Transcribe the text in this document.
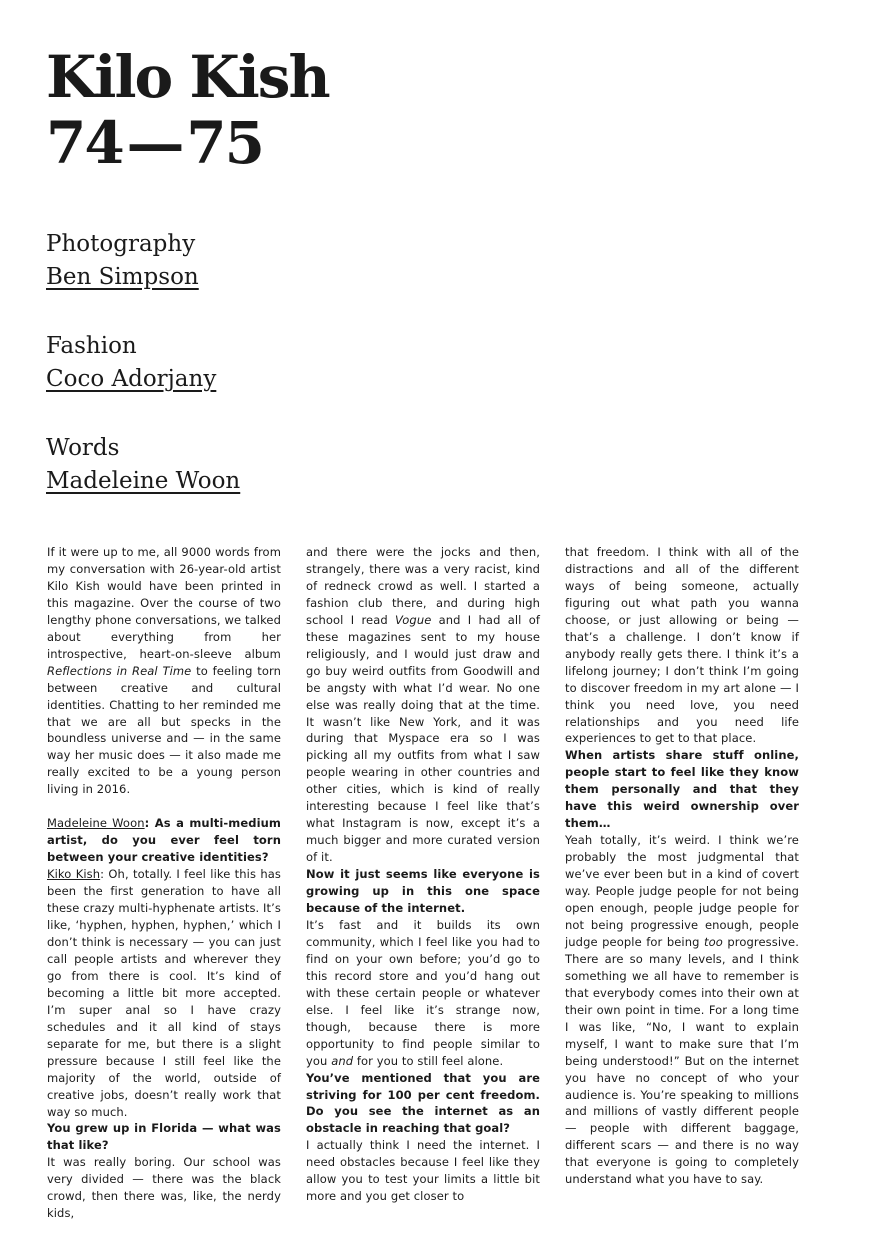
Kilo Kish
74 — 75
Photography
Ben Simpson
Fashion
Coco Adorjany
Words
Madeleine Woon

If it were up to me, all 9000 words from my conversation with 26-year-old artist Kilo Kish would have been printed in this magazine. Over the course of two lengthy phone conversations, we talked about everything from her introspective, heart-on-sleeve album Reflections in Real Time to feeling torn between creative and cultural identities. Chatting to her reminded me that we are all but specks in the boundless universe and — in the same way her music does — it also made me really excited to be a young person living in 2016.

Madeleine Woon: As a multi-medium artist, do you ever feel torn between your creative identities?

Kiko Kish: Oh, totally. I feel like this has been the first generation to have all these crazy multi-hyphenate artists. It’s like, ‘hyphen, hyphen, hyphen,’ which I don’t think is necessary — you can just call people artists and wherever they go from there is cool. It’s kind of becoming a little bit more accepted. I’m super anal so I have crazy schedules and it all kind of stays separate for me, but there is a slight pressure because I still feel like the majority of the world, outside of creative jobs, doesn’t really work that way so much.

You grew up in Florida — what was that like?

It was really boring. Our school was very divided — there was the black crowd, then there was, like, the nerdy kids,

and there were the jocks and then, strangely, there was a very racist, kind of redneck crowd as well. I started a fashion club there, and during high school I read Vogue and I had all of these magazines sent to my house religiously, and I would just draw and go buy weird outfits from Goodwill and be angsty with what I’d wear. No one else was really doing that at the time. It wasn’t like New York, and it was during that Myspace era so I was picking all my outfits from what I saw people wearing in other countries and other cities, which is kind of really interesting because I feel like that’s what Instagram is now, except it’s a much bigger and more curated version of it.

Now it just seems like everyone is growing up in this one space because of the internet.

It’s fast and it builds its own community, which I feel like you had to find on your own before; you’d go to this record store and you’d hang out with these certain people or whatever else. I feel like it’s strange now, though, because there is more opportunity to find people similar to you and for you to still feel alone.

You’ve mentioned that you are striving for 100 per cent freedom. Do you see the internet as an obstacle in reaching that goal?

I actually think I need the internet. I need obstacles because I feel like they allow you to test your limits a little bit more and you get closer to

that freedom. I think with all of the distractions and all of the different ways of being someone, actually figuring out what path you wanna choose, or just allowing or being — that’s a challenge. I don’t know if anybody really gets there. I think it’s a lifelong journey; I don’t think I’m going to discover freedom in my art alone — I think you need love, you need relationships and you need life experiences to get to that place.

When artists share stuff online, people start to feel like they know them personally and that they have this weird ownership over them…

Yeah totally, it’s weird. I think we’re probably the most judgmental that we’ve ever been but in a kind of covert way. People judge people for not being open enough, people judge people for not being progressive enough, people judge people for being too progressive. There are so many levels, and I think something we all have to remember is that everybody comes into their own at their own point in time. For a long time I was like, “No, I want to explain myself, I want to make sure that I’m being understood!” But on the internet you have no concept of who your audience is. You’re speaking to millions and millions of vastly different people — people with different baggage, different scars — and there is no way that everyone is going to completely understand what you have to say.
